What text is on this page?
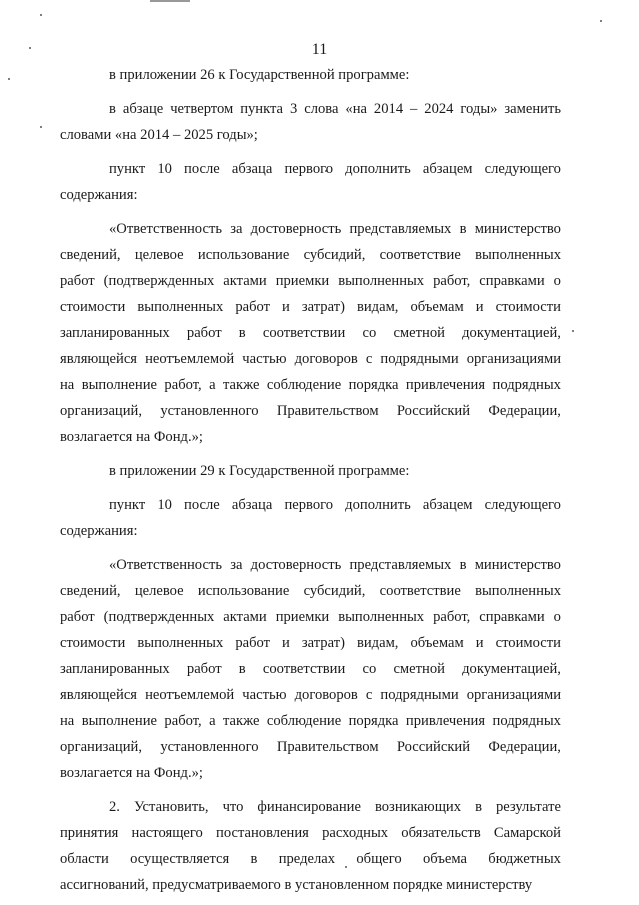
11
в приложении 26 к Государственной программе:
в абзаце четвертом пункта 3 слова «на 2014 – 2024 годы» заменить
словами «на 2014 – 2025 годы»;
пункт 10 после абзаца первого дополнить абзацем следующего
содержания:
«Ответственность за достоверность представляемых в министерство
сведений, целевое использование субсидий, соответствие выполненных
работ (подтвержденных актами приемки выполненных работ, справками о
стоимости выполненных работ и затрат) видам, объемам и стоимости
запланированных работ в соответствии со сметной документацией,
являющейся неотъемлемой частью договоров с подрядными организациями
на выполнение работ, а также соблюдение порядка привлечения подрядных
организаций, установленного Правительством Российский Федерации,
возлагается на Фонд.»;
в приложении 29 к Государственной программе:
пункт 10 после абзаца первого дополнить абзацем следующего
содержания:
«Ответственность за достоверность представляемых в министерство
сведений, целевое использование субсидий, соответствие выполненных
работ (подтвержденных актами приемки выполненных работ, справками о
стоимости выполненных работ и затрат) видам, объемам и стоимости
запланированных работ в соответствии со сметной документацией,
являющейся неотъемлемой частью договоров с подрядными организациями
на выполнение работ, а также соблюдение порядка привлечения подрядных
организаций, установленного Правительством Российский Федерации,
возлагается на Фонд.»;
2. Установить, что финансирование возникающих в результате
принятия настоящего постановления расходных обязательств Самарской
области осуществляется в пределах общего объема бюджетных
ассигнований, предусматриваемого в установленном порядке министерству
